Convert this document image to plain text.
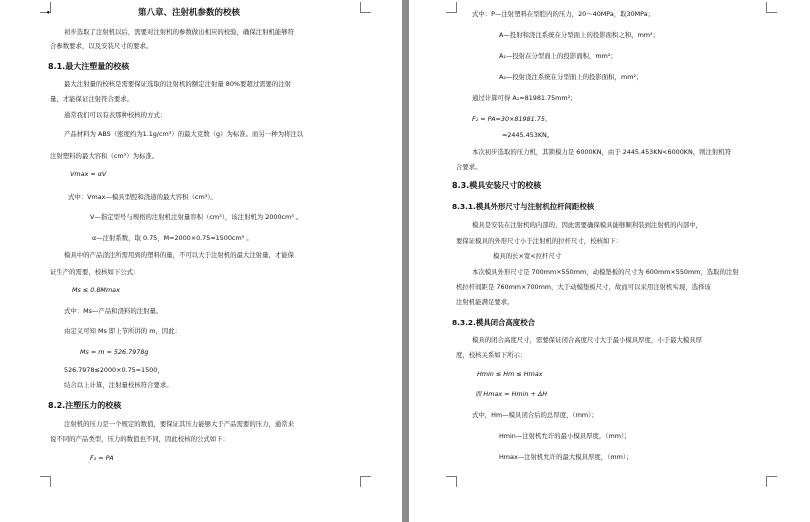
•	第八章、注射机参数的校核
初步选取了注射机以后，需要对注射机的参数做出相应的校验，确保注射机能够符
合参数要求，以及安装尺寸的要求。
8.1.最大注塑量的校核
最大注射量的校核是需要保证选取的注射机的额定注射量 80%要超过需要的注射
量，才能保证注射符合要求。
通常我们可以有表那种校核的方式：
产品材料为 ABS（密度约为1.1g/cm³）的最大克数（g）为标准。而另一种为将注以
注射塑料的最大容积（cm³）为标准。
Vmax = αV
式中：Vmax—模具型腔和浇道的最大容积（cm³）。
V—指定型号与规格的注射机注射量容积（cm³），该注射机为 2000cm³ 。
α—注射系数，取 0.75，M=2000×0.75=1500cm³ 。
模具中的产品浇注所需用到的塑料的量，不可以大于注射机的最大注射量，才能保
证生产的需要，校核如下公式：
Ms ≤ 0.8Mmax
式中：Ms—产品和浇料的注射量。
由定义可知 Ms 即上节所讲的 m，因此：
Ms = m = 526.7978g
526.7978≤2000×0.75=1500，
结合以上计算，注射量校核符合要求。
8.2.注塑压力的校核
注射机的压力是一个规定的数值，要保证其压力能够大于产品需要的压力，通常来
说不同的产品类型，压力的数值也不同，因此校核的公式如下：
F₂ = PA
式中：P—注射塑料在型腔内的压力，20～40MPa，取30MPa；
A—投射和浇注系统在分型面上的投影面积之和，mm²；
A₁—投射在分型面上的投影面积，mm²；
A₂—投射浇注系统在分型面上的投影面积，mm²；
通过计算可得 A₁=81981.75mm²；
F₂ = PA=30×81981.75，
=2445.453KN。
本次初步选取的压力机，其锁模力是 6000KN，由于 2445.453KN<6000KN，则注射机符
合要求。
8.3.模具安装尺寸的校核
8.3.1.模具外形尺寸与注射机拉杆间距校核
模具是安装在注射机的内部的，因此需要确保模具能够顺利装到注射机的内部中，
要保证模具的外形尺寸小于注射机的拉杆尺寸，校核如下：
模具的长×宽<拉杆尺寸
本次模具外形尺寸是 700mm×550mm，动模垫板的尺寸为 600mm×550mm，选取的注射
机拉杆间距是 760mm×700mm，大于动模垫板尺寸，故而可以采用注射机实现，选择该
注射机能满足要求。
8.3.2.模具闭合高度校合
模具的闭合高度尺寸，需要保证闭合高度尺寸大于最小模具厚度，小于最大模具厚
度，校核关系如下所示：
Hmin ≤ Hm ≤ Hmax
而 Hmax = Hmin + ΔH
式中，Hm—模具闭合后的总厚度，（mm）；
Hmin—注射机允许的最小模具厚度，（mm）；
Hmax—注射机允许的最大模具厚度，（mm）；
